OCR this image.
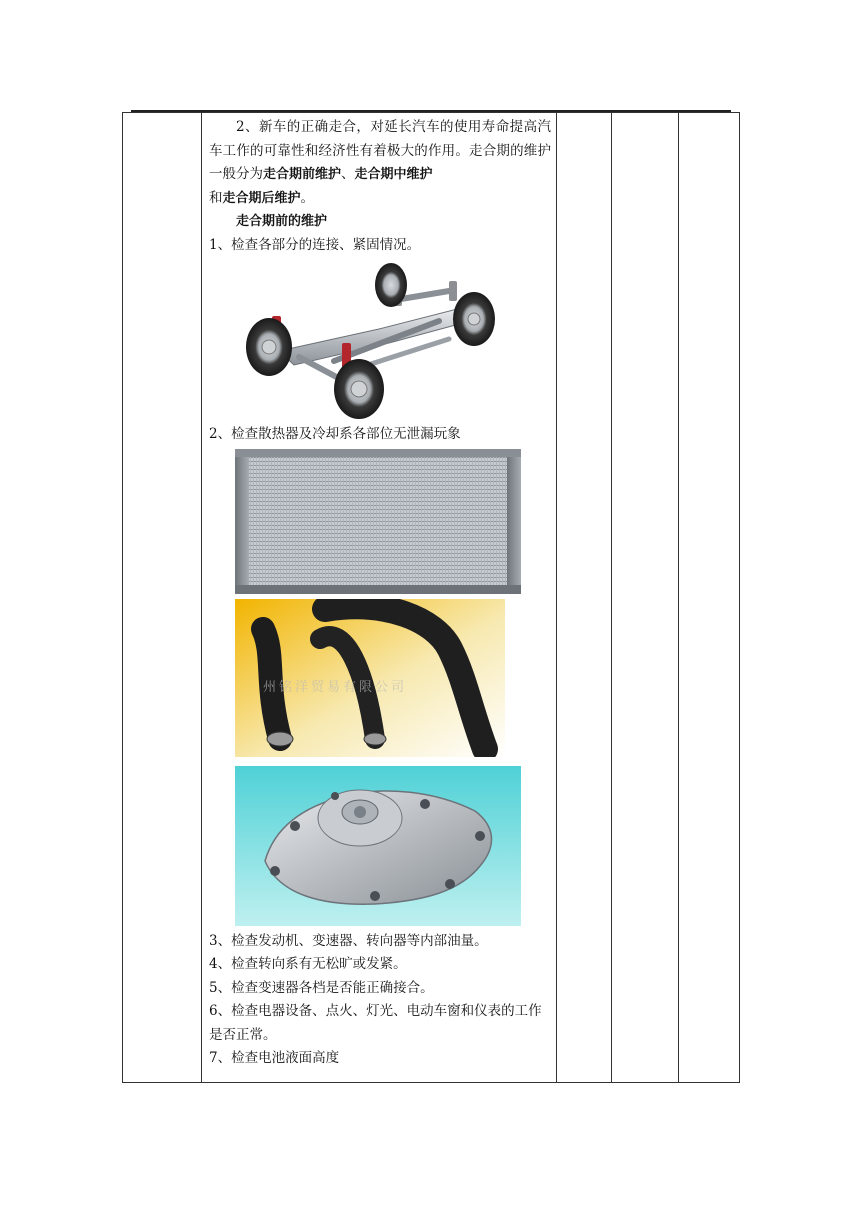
2、新车的正确走合，对延长汽车的使用寿命提高汽车工作的可靠性和经济性有着极大的作用。走合期的维护一般分为走合期前维护、走合期中维护
和走合期后维护。

走合期前的维护

1、检查各部分的连接、紧固情况。

2、检查散热器及冷却系各部位无泄漏玩象

州铭洋贸易有限公司

3、检查发动机、变速器、转向器等内部油量。

4、检查转向系有无松旷或发紧。

5、检查变速器各档是否能正确接合。

6、检查电器设备、点火、灯光、电动车窗和仪表的工作是否正常。

7、检查电池液面高度
